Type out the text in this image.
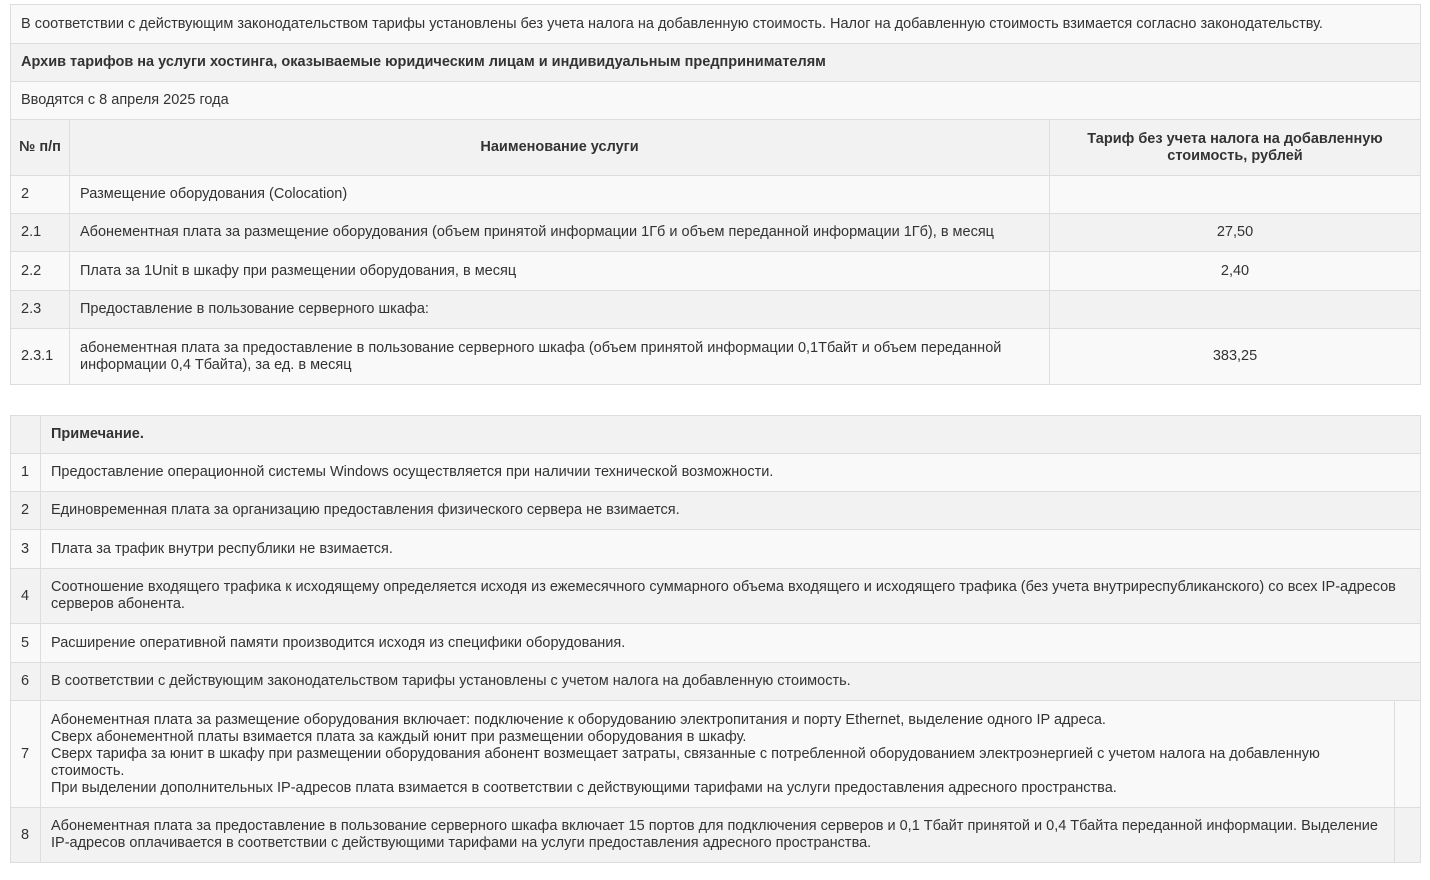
В соответствии с действующим законодательством тарифы установлены без учета налога на добавленную стоимость. Налог на добавленную стоимость взимается согласно законодательству.		
Архив тарифов на услуги хостинга, оказываемые юридическим лицам и индивидуальным предпринимателям		
Вводятся с 8 апреля 2025 года		
№ п/п	Наименование услуги	Тариф без учета налога на добавленную стоимость, рублей
2	Размещение оборудования (Colocation)	
2.1	Абонементная плата за размещение оборудования (объем принятой информации 1Гб и объем переданной информации 1Гб), в месяц	27,50
2.2	Плата за 1Unit в шкафу при размещении оборудования, в месяц	2,40
2.3	Предоставление в пользование серверного шкафа:	
2.3.1	абонементная плата за предоставление в пользование серверного шкафа (объем принятой информации 0,1Тбайт и объем переданной информации 0,4 Тбайта), за ед. в месяц	383,25
	Примечание.	
1	Предоставление операционной системы Windows осуществляется при наличии технической возможности.	
2	Единовременная плата за организацию предоставления физического сервера не взимается.	
3	Плата за трафик внутри республики не взимается.	
4	Соотношение входящего трафика к исходящему определяется исходя из ежемесячного суммарного объема входящего и исходящего трафика (без учета внутриреспубликанского) со всех IP-адресов серверов абонента.	
5	Расширение оперативной памяти производится исходя из специфики оборудования.	
6	В соответствии с действующим законодательством тарифы установлены с учетом налога на добавленную стоимость.	
7	Абонементная плата за размещение оборудования включает: подключение к оборудованию электропитания и порту Ethernet, выделение одного IP адреса.
Сверх абонементной платы взимается плата за каждый юнит при размещении оборудования в шкафу.
Сверх тарифа за юнит в шкафу при размещении оборудования абонент возмещает затраты, связанные с потребленной оборудованием электроэнергией с учетом налога на добавленную стоимость.
При выделении дополнительных IP-адресов плата взимается в соответствии с действующими тарифами на услуги предоставления адресного пространства.	
8	Абонементная плата за предоставление в пользование серверного шкафа включает 15 портов для подключения серверов и 0,1 Тбайт принятой и 0,4 Тбайта переданной информации. Выделение IP-адресов оплачивается в соответствии с действующими тарифами на услуги предоставления адресного пространства.	
